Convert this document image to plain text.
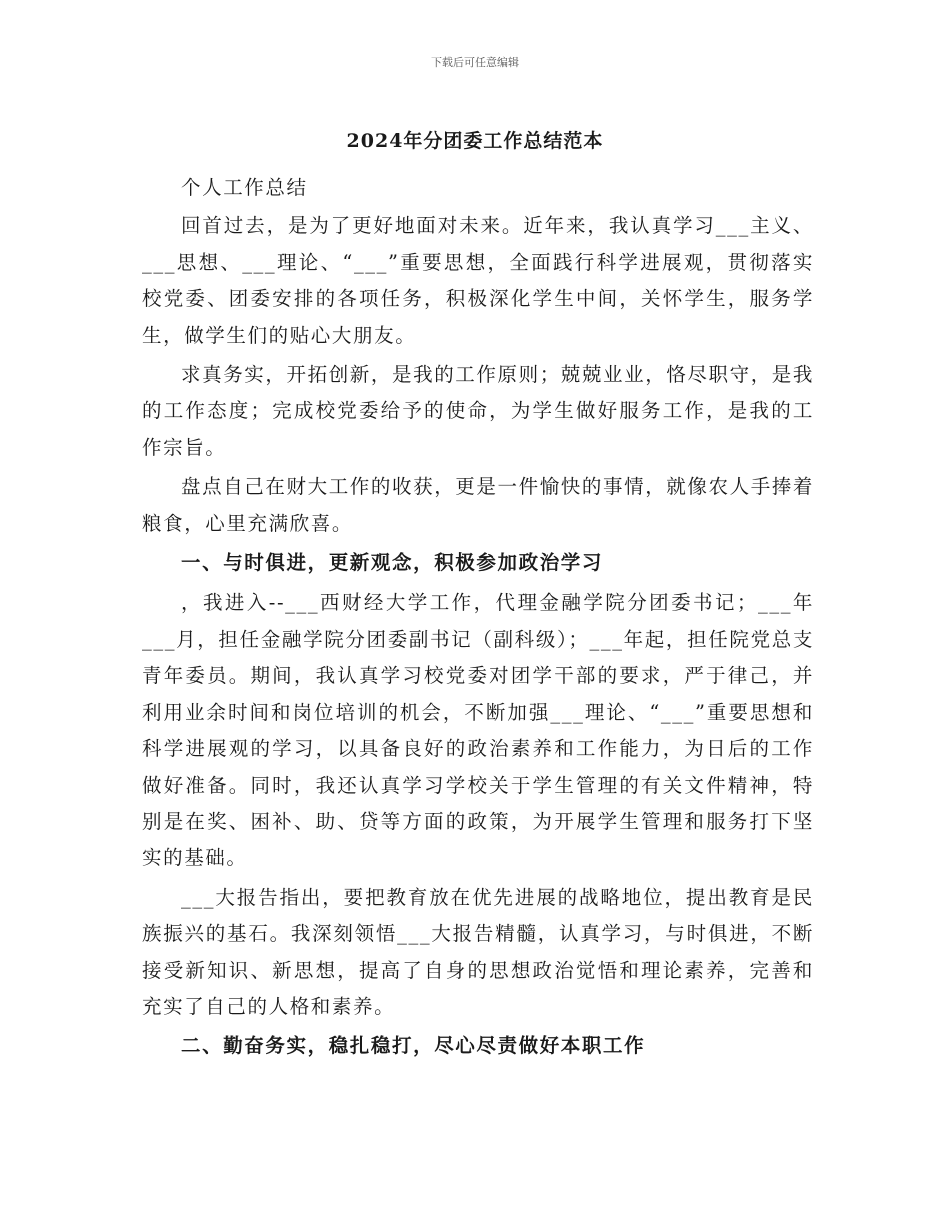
下载后可任意编辑
2024年分团委工作总结范本

个人工作总结

回首过去，是为了更好地面对未来。近年来，我认真学习___主义、___思想、___理论、“___”重要思想，全面践行科学进展观，贯彻落实校党委、团委安排的各项任务，积极深化学生中间，关怀学生，服务学生，做学生们的贴心大朋友。

求真务实，开拓创新，是我的工作原则；兢兢业业，恪尽职守，是我的工作态度；完成校党委给予的使命，为学生做好服务工作，是我的工作宗旨。

盘点自己在财大工作的收获，更是一件愉快的事情，就像农人手捧着粮食，心里充满欣喜。

一、与时俱进，更新观念，积极参加政治学习

，我进入--___西财经大学工作，代理金融学院分团委书记；___年___月，担任金融学院分团委副书记（副科级）；___年起，担任院党总支青年委员。期间，我认真学习校党委对团学干部的要求，严于律己，并利用业余时间和岗位培训的机会，不断加强___理论、“___”重要思想和科学进展观的学习，以具备良好的政治素养和工作能力，为日后的工作做好准备。同时，我还认真学习学校关于学生管理的有关文件精神，特别是在奖、困补、助、贷等方面的政策，为开展学生管理和服务打下坚实的基础。

___大报告指出，要把教育放在优先进展的战略地位，提出教育是民族振兴的基石。我深刻领悟___大报告精髓，认真学习，与时俱进，不断接受新知识、新思想，提高了自身的思想政治觉悟和理论素养，完善和充实了自己的人格和素养。

二、勤奋务实，稳扎稳打，尽心尽责做好本职工作
